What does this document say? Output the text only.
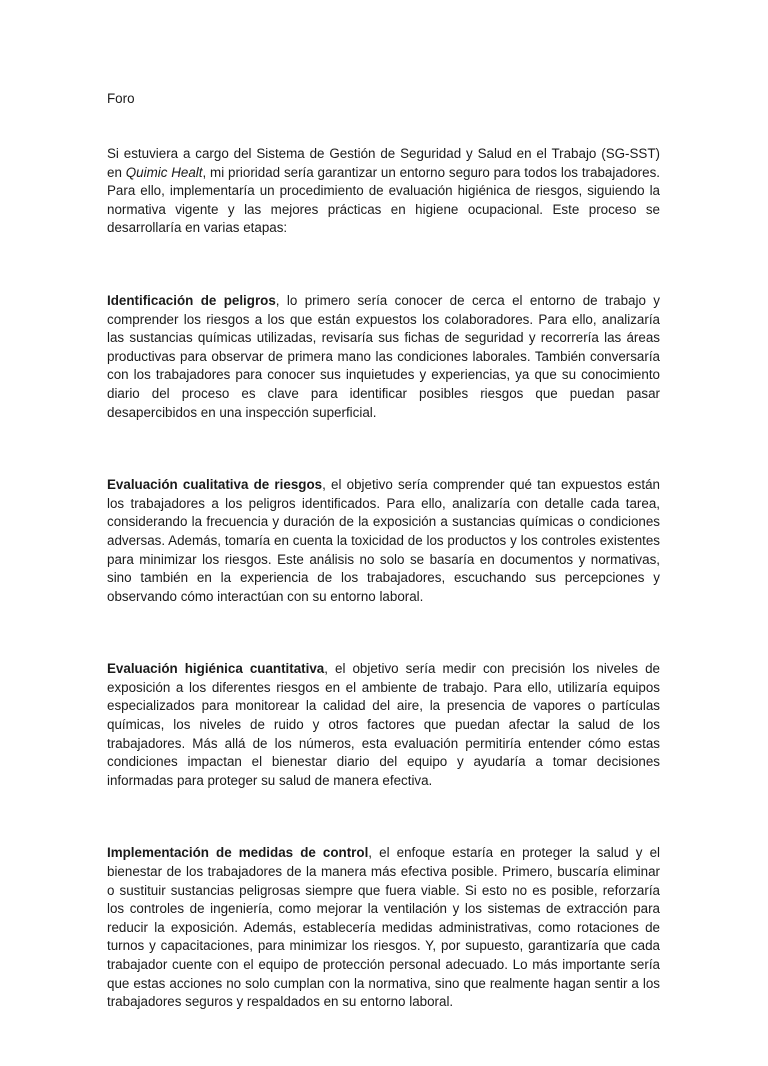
Foro

Si estuviera a cargo del Sistema de Gestión de Seguridad y Salud en el Trabajo (SG-SST) en Quimic Healt, mi prioridad sería garantizar un entorno seguro para todos los trabajadores. Para ello, implementaría un procedimiento de evaluación higiénica de riesgos, siguiendo la normativa vigente y las mejores prácticas en higiene ocupacional. Este proceso se desarrollaría en varias etapas:

Identificación de peligros, lo primero sería conocer de cerca el entorno de trabajo y comprender los riesgos a los que están expuestos los colaboradores. Para ello, analizaría las sustancias químicas utilizadas, revisaría sus fichas de seguridad y recorrería las áreas productivas para observar de primera mano las condiciones laborales. También conversaría con los trabajadores para conocer sus inquietudes y experiencias, ya que su conocimiento diario del proceso es clave para identificar posibles riesgos que puedan pasar desapercibidos en una inspección superficial.

Evaluación cualitativa de riesgos, el objetivo sería comprender qué tan expuestos están los trabajadores a los peligros identificados. Para ello, analizaría con detalle cada tarea, considerando la frecuencia y duración de la exposición a sustancias químicas o condiciones adversas. Además, tomaría en cuenta la toxicidad de los productos y los controles existentes para minimizar los riesgos. Este análisis no solo se basaría en documentos y normativas, sino también en la experiencia de los trabajadores, escuchando sus percepciones y observando cómo interactúan con su entorno laboral.

Evaluación higiénica cuantitativa, el objetivo sería medir con precisión los niveles de exposición a los diferentes riesgos en el ambiente de trabajo. Para ello, utilizaría equipos especializados para monitorear la calidad del aire, la presencia de vapores o partículas químicas, los niveles de ruido y otros factores que puedan afectar la salud de los trabajadores. Más allá de los números, esta evaluación permitiría entender cómo estas condiciones impactan el bienestar diario del equipo y ayudaría a tomar decisiones informadas para proteger su salud de manera efectiva.

Implementación de medidas de control, el enfoque estaría en proteger la salud y el bienestar de los trabajadores de la manera más efectiva posible. Primero, buscaría eliminar o sustituir sustancias peligrosas siempre que fuera viable. Si esto no es posible, reforzaría los controles de ingeniería, como mejorar la ventilación y los sistemas de extracción para reducir la exposición. Además, establecería medidas administrativas, como rotaciones de turnos y capacitaciones, para minimizar los riesgos. Y, por supuesto, garantizaría que cada trabajador cuente con el equipo de protección personal adecuado. Lo más importante sería que estas acciones no solo cumplan con la normativa, sino que realmente hagan sentir a los trabajadores seguros y respaldados en su entorno laboral.
